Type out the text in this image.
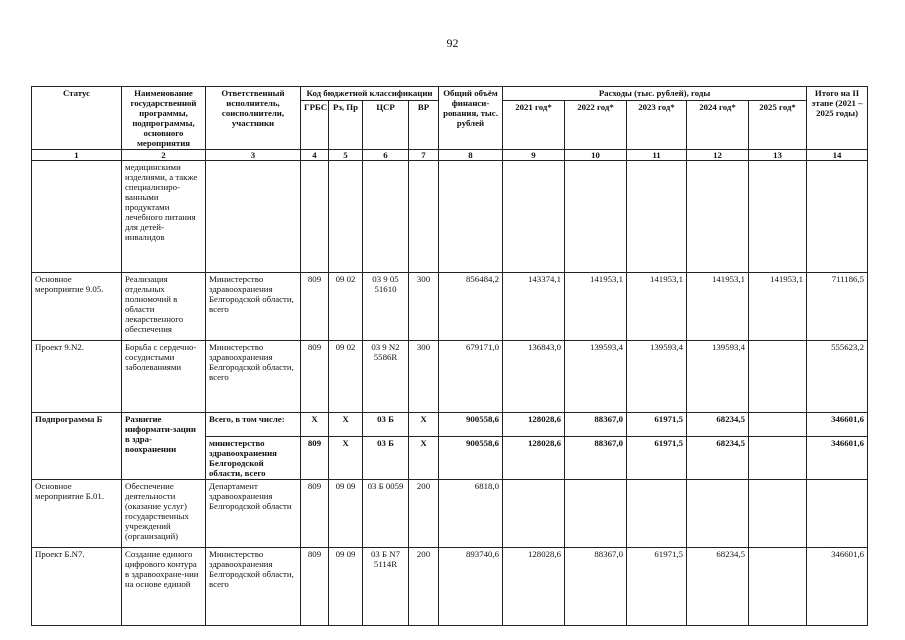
92
Статус	Наименование государственной программы, подпрограммы, основного мероприятия	Ответственный исполнитель, соисполнители, участники	Код бюджетной классификации				Общий объём финанси-рования, тыс. рублей	Расходы (тыс. рублей), годы					Итого на II этапе (2021 – 2025 годы)
			ГРБС	Рз, Пр	ЦСР	ВР		2021 год*	2022 год*	2023 год*	2024 год*	2025 год*	
1	2	3	4	5	6	7	8	9	10	11	12	13	14
	медицинскими изделиями, а также специализиро-ванными продуктами лечебного питания для детей-инвалидов												
Основное мероприятие 9.05.	Реализация отдельных полномочий в области лекарственного обеспечения	Министерство здравоохранения Белгородской области, всего	809	09 02	03 9 05 51610	300	856484,2	143374,1	141953,1	141953,1	141953,1	141953,1	711186,5
Проект 9.N2.	Борьба с сердечно-сосудистыми заболеваниями	Министерство здравоохранения Белгородской области, всего	809	09 02	03 9 N2 5586R	300	679171,0	136843,0	139593,4	139593,4	139593,4		555623,2
Подпрограмма Б	Развитие информати-зации в здра-воохранении	Всего, в том числе:	Х	Х	03 Б	Х	900558,6	128028,6	88367,0	61971,5	68234,5		346601,6
		министерство здравоохранения Белгородской области, всего	809	Х	03 Б	Х	900558,6	128028,6	88367,0	61971,5	68234,5		346601,6
Основное мероприятие Б.01.	Обеспечение деятельности (оказание услуг) государственных учреждений (организаций)	Департамент здравоохранения Белгородской области	809	09 09	03 Б 0059	200	6818,0						
Проект Б.N7.	Создание единого цифрового контура в здравоохране-нии на основе единой	Министерство здравоохранения Белгородской области, всего	809	09 09	03 Б N7 5114R	200	893740,6	128028,6	88367,0	61971,5	68234,5		346601,6
